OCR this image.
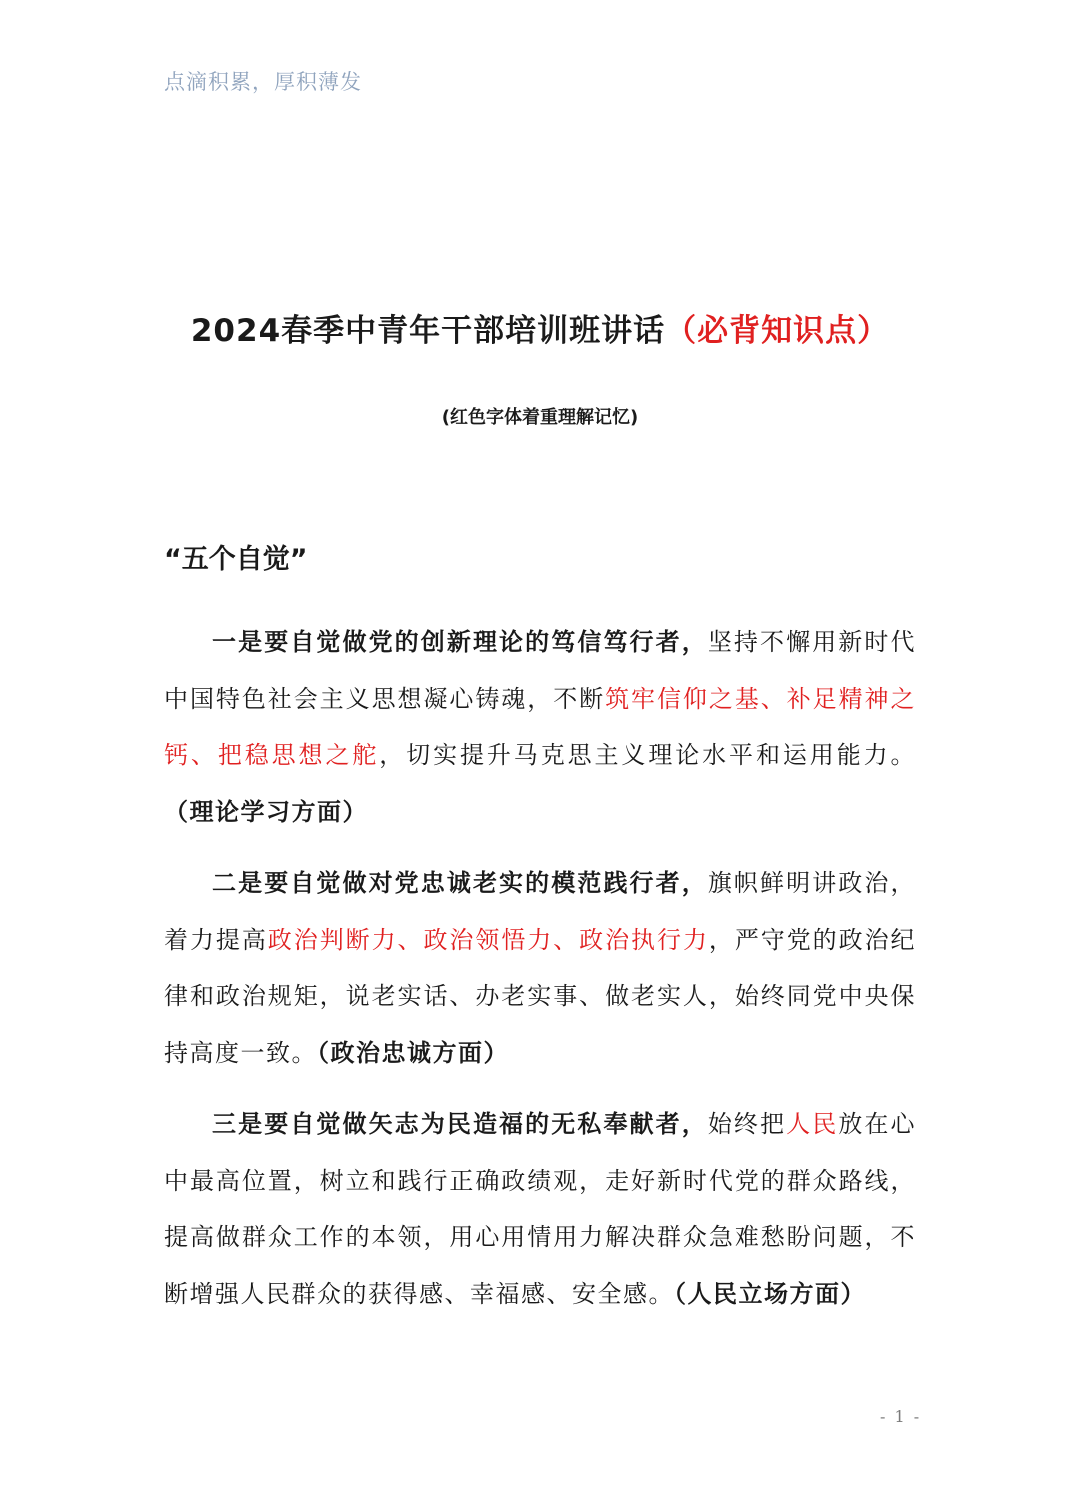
点滴积累，厚积薄发
2024春季中青年干部培训班讲话（必背知识点）
(红色字体着重理解记忆)
“五个自觉”

一是要自觉做党的创新理论的笃信笃行者，坚持不懈用新时代中国特色社会主义思想凝心铸魂，不断筑牢信仰之基、补足精神之钙、把稳思想之舵，切实提升马克思主义理论水平和运用能力。（理论学习方面）

二是要自觉做对党忠诚老实的模范践行者，旗帜鲜明讲政治，着力提高政治判断力、政治领悟力、政治执行力，严守党的政治纪律和政治规矩，说老实话、办老实事、做老实人，始终同党中央保持高度一致。（政治忠诚方面）

三是要自觉做矢志为民造福的无私奉献者，始终把人民放在心中最高位置，树立和践行正确政绩观，走好新时代党的群众路线，提高做群众工作的本领，用心用情用力解决群众急难愁盼问题，不断增强人民群众的获得感、幸福感、安全感。（人民立场方面）

- 1 -
